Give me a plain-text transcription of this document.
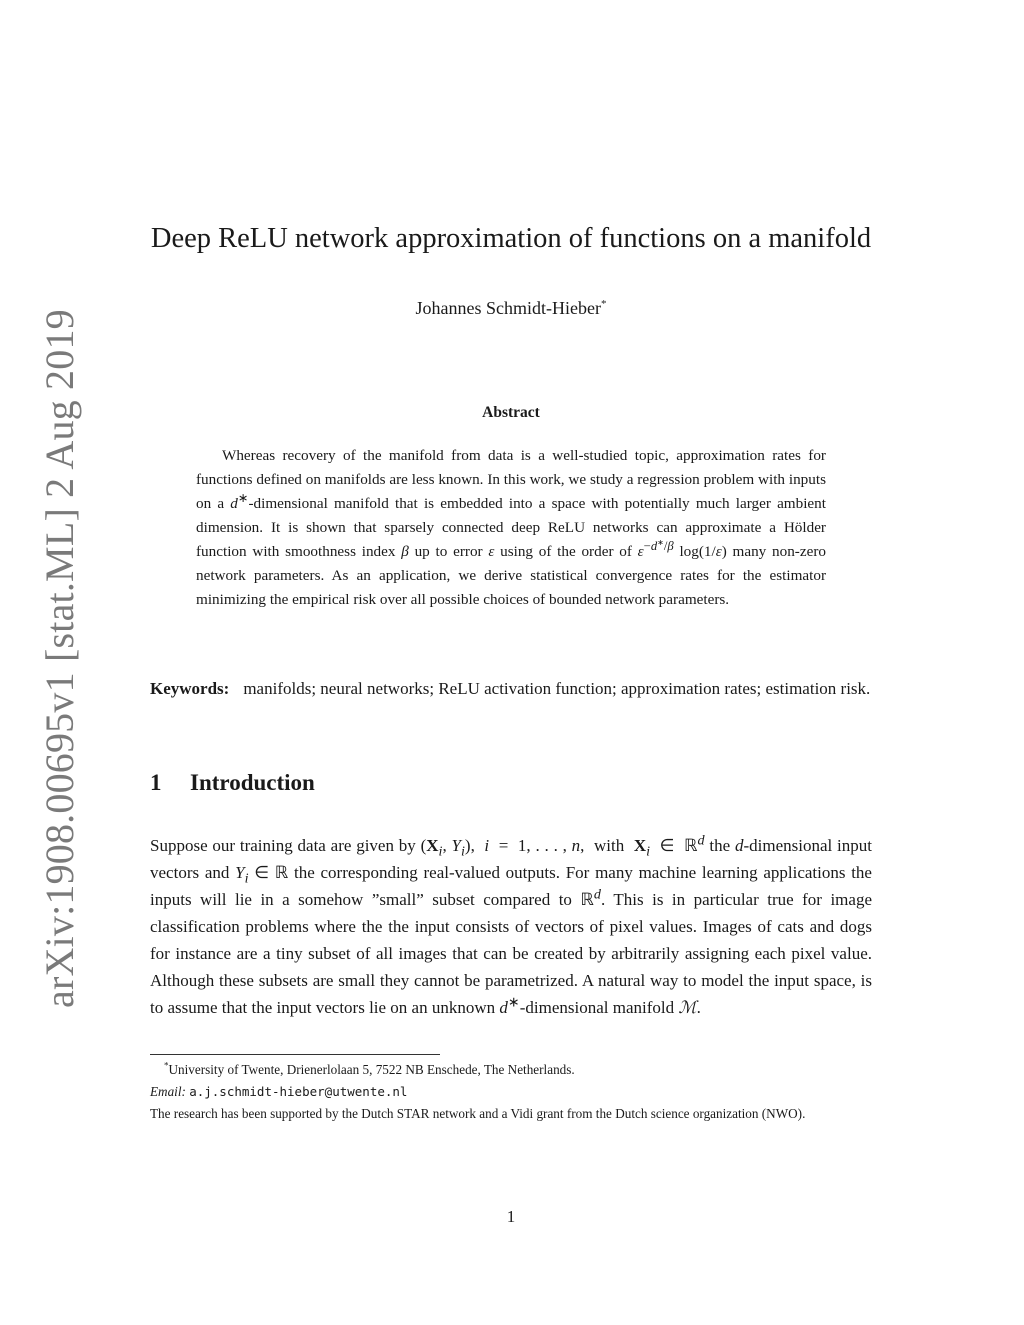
arXiv:1908.00695v1 [stat.ML] 2 Aug 2019
Deep ReLU network approximation of functions on a manifold
Johannes Schmidt-Hieber*
Abstract
Whereas recovery of the manifold from data is a well-studied topic, approximation rates for functions defined on manifolds are less known. In this work, we study a regression problem with inputs on a d∗-dimensional manifold that is embedded into a space with potentially much larger ambient dimension. It is shown that sparsely connected deep ReLU networks can approximate a Hölder function with smoothness index β up to error ε using of the order of $\varepsilon^{-d^∗/\beta}$ log(1/ε) many non-zero network parameters. As an application, we derive statistical convergence rates for the estimator minimizing the empirical risk over all possible choices of bounded network parameters.
Keywords: manifolds; neural networks; ReLU activation function; approximation rates; estimation risk.
1 Introduction
Suppose our training data are given by ($X_i$, $Y_i$),  i  =  1, . . . , n,  with  $X_i$  ∈  ℝ$^d$ the d-dimensional input vectors and $Y_i$ ∈ ℝ the corresponding real-valued outputs. For many machine learning applications the inputs will lie in a somehow ”small” subset compared to ℝ$^d$. This is in particular true for image classification problems where the the input consists of vectors of pixel values. Images of cats and dogs for instance are a tiny subset of all images that can be created by arbitrarily assigning each pixel value. Although these subsets are small they cannot be parametrized. A natural way to model the input space, is to assume that the input vectors lie on an unknown d∗-dimensional manifold ℳ.

*University of Twente, Drienerlolaan 5, 7522 NB Enschede, The Netherlands.

Email: a.j.schmidt-hieber@utwente.nl

The research has been supported by the Dutch STAR network and a Vidi grant from the Dutch science organization (NWO).

1
